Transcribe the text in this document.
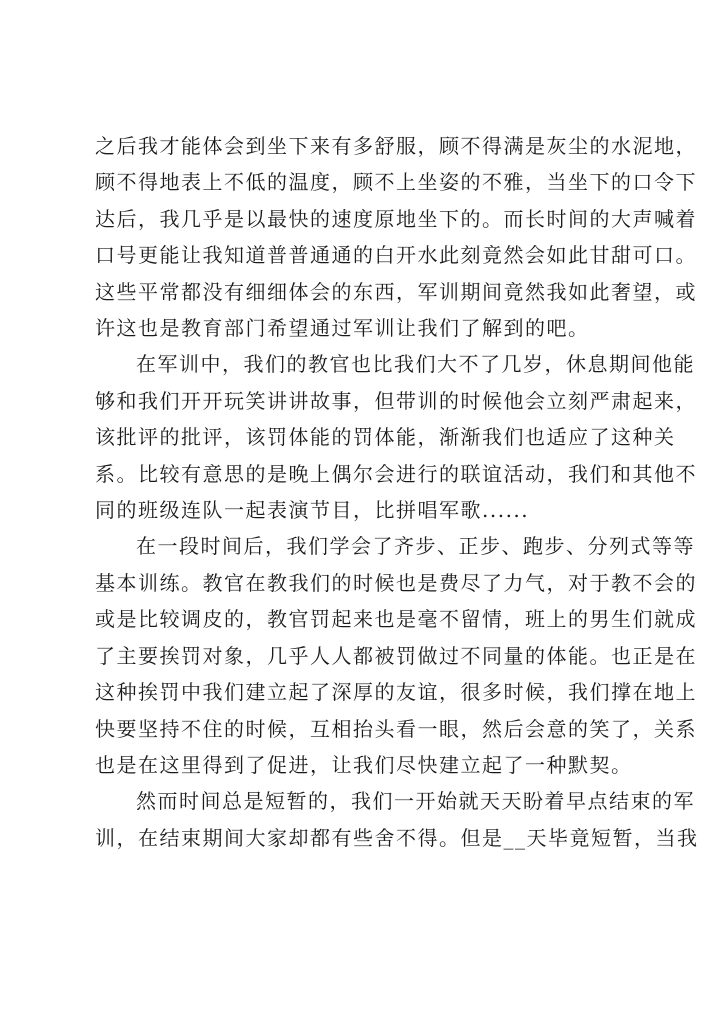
之后我才能体会到坐下来有多舒服，顾不得满是灰尘的水泥地，
顾不得地表上不低的温度，顾不上坐姿的不雅，当坐下的口令下
达后，我几乎是以最快的速度原地坐下的。而长时间的大声喊着
口号更能让我知道普普通通的白开水此刻竟然会如此甘甜可口。
这些平常都没有细细体会的东西，军训期间竟然我如此奢望，或
许这也是教育部门希望通过军训让我们了解到的吧。

在军训中，我们的教官也比我们大不了几岁，休息期间他能
够和我们开开玩笑讲讲故事，但带训的时候他会立刻严肃起来，
该批评的批评，该罚体能的罚体能，渐渐我们也适应了这种关
系。比较有意思的是晚上偶尔会进行的联谊活动，我们和其他不
同的班级连队一起表演节目，比拼唱军歌......

在一段时间后，我们学会了齐步、正步、跑步、分列式等等
基本训练。教官在教我们的时候也是费尽了力气，对于教不会的
或是比较调皮的，教官罚起来也是毫不留情，班上的男生们就成
了主要挨罚对象，几乎人人都被罚做过不同量的体能。也正是在
这种挨罚中我们建立起了深厚的友谊，很多时候，我们撑在地上
快要坚持不住的时候，互相抬头看一眼，然后会意的笑了，关系
也是在这里得到了促进，让我们尽快建立起了一种默契。

然而时间总是短暂的，我们一开始就天天盼着早点结束的军
训，在结束期间大家却都有些舍不得。但是__天毕竟短暂，当我
